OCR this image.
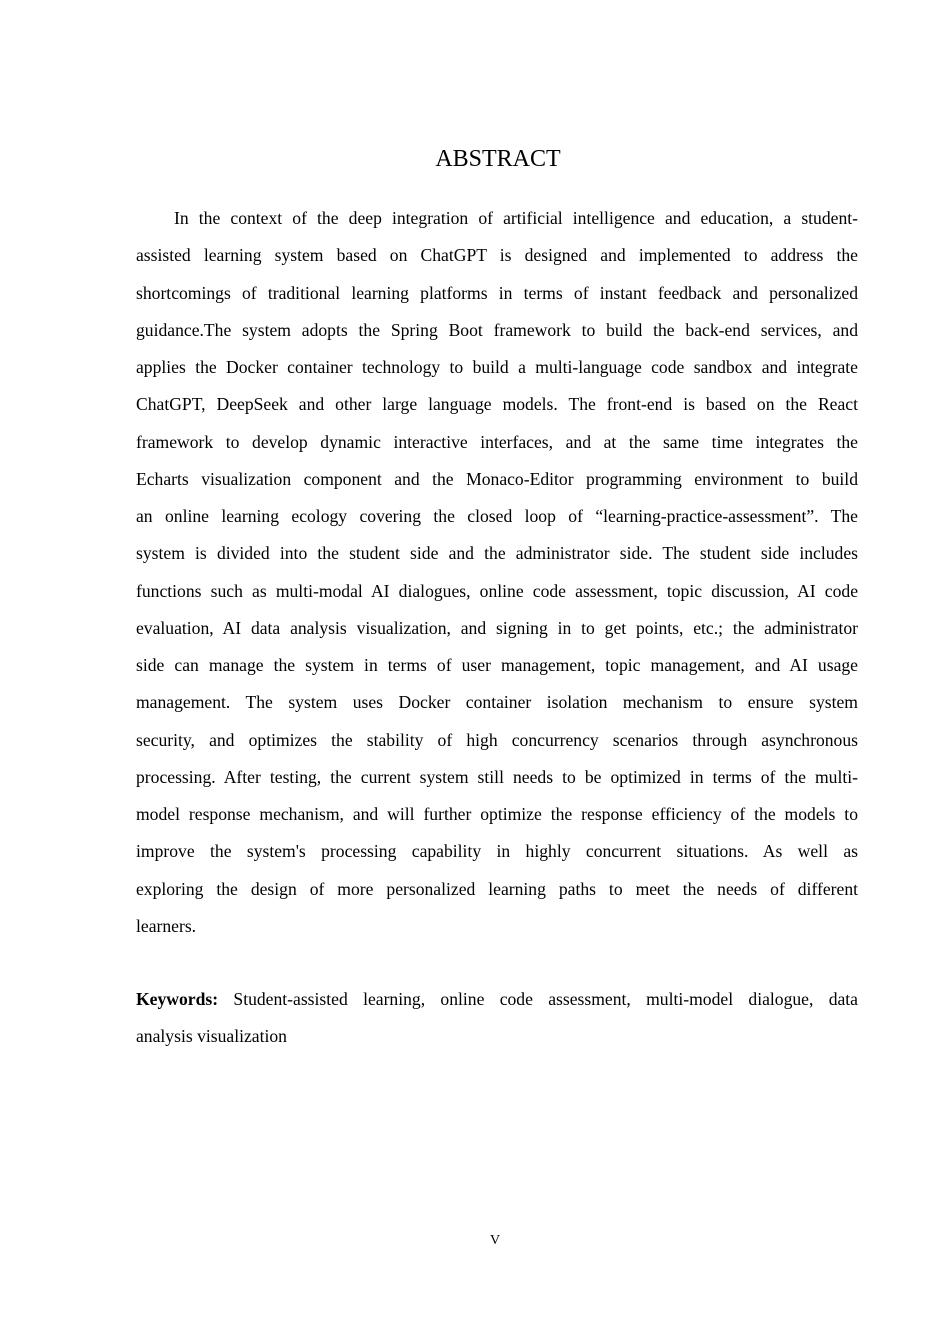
ABSTRACT
In the context of the deep integration of artificial intelligence and education, a student-
assisted learning system based on ChatGPT is designed and implemented to address the
shortcomings of traditional learning platforms in terms of instant feedback and personalized
guidance.The system adopts the Spring Boot framework to build the back-end services, and
applies the Docker container technology to build a multi-language code sandbox and integrate
ChatGPT, DeepSeek and other large language models. The front-end is based on the React
framework to develop dynamic interactive interfaces, and at the same time integrates the
Echarts visualization component and the Monaco-Editor programming environment to build
an online learning ecology covering the closed loop of “learning-practice-assessment”. The
system is divided into the student side and the administrator side. The student side includes
functions such as multi-modal AI dialogues, online code assessment, topic discussion, AI code
evaluation, AI data analysis visualization, and signing in to get points, etc.; the administrator
side can manage the system in terms of user management, topic management, and AI usage
management. The system uses Docker container isolation mechanism to ensure system
security, and optimizes the stability of high concurrency scenarios through asynchronous
processing. After testing, the current system still needs to be optimized in terms of the multi-
model response mechanism, and will further optimize the response efficiency of the models to
improve the system's processing capability in highly concurrent situations. As well as
exploring the design of more personalized learning paths to meet the needs of different
learners.
Keywords: Student-assisted learning, online code assessment, multi-model dialogue, data
analysis visualization
V
